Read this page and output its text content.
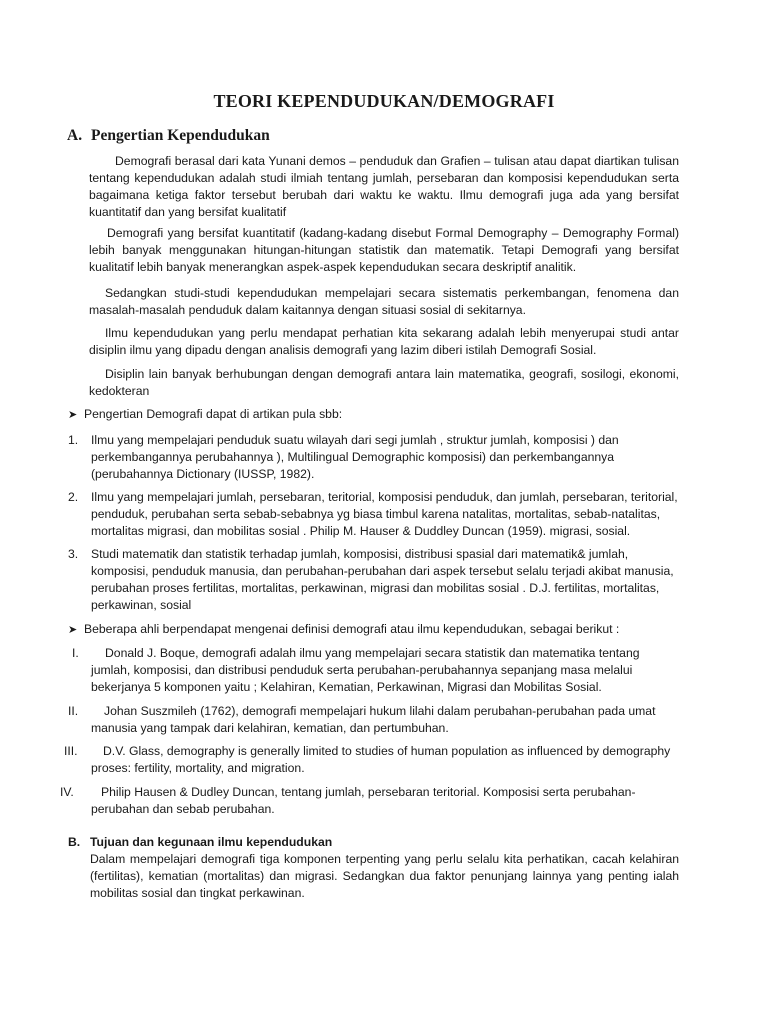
TEORI KEPENDUDUKAN/DEMOGRAFI
A. Pengertian Kependudukan
Demografi berasal dari kata Yunani demos – penduduk dan Grafien – tulisan atau dapat diartikan tulisan tentang kependudukan adalah studi ilmiah tentang jumlah, persebaran dan komposisi kependudukan serta bagaimana ketiga faktor tersebut berubah dari waktu ke waktu. Ilmu demografi juga ada yang bersifat kuantitatif dan yang bersifat kualitatif
Demografi yang bersifat kuantitatif (kadang-kadang disebut Formal Demography – Demography Formal) lebih banyak menggunakan hitungan-hitungan statistik dan matematik. Tetapi Demografi yang bersifat kualitatif lebih banyak menerangkan aspek-aspek kependudukan secara deskriptif analitik.
Sedangkan studi-studi kependudukan mempelajari secara sistematis perkembangan, fenomena dan masalah-masalah penduduk dalam kaitannya dengan situasi sosial di sekitarnya.
Ilmu kependudukan yang perlu mendapat perhatian kita sekarang adalah lebih menyerupai studi antar disiplin ilmu yang dipadu dengan analisis demografi yang lazim diberi istilah Demografi Sosial.
Disiplin lain banyak berhubungan dengan demografi antara lain matematika, geografi, sosilogi, ekonomi, kedokteran
➤ Pengertian Demografi dapat di artikan pula sbb:
1. Ilmu yang mempelajari penduduk suatu wilayah dari segi jumlah , struktur jumlah, komposisi ) dan perkembangannya perubahannya ), Multilingual Demographic komposisi) dan perkembangannya (perubahannya Dictionary (IUSSP, 1982).
2. Ilmu yang mempelajari jumlah, persebaran, teritorial, komposisi penduduk, dan jumlah, persebaran, teritorial, penduduk, perubahan serta sebab-sebabnya yg biasa timbul karena natalitas, mortalitas, sebab-natalitas, mortalitas migrasi, dan mobilitas sosial . Philip M. Hauser & Duddley Duncan (1959). migrasi, sosial.
3. Studi matematik dan statistik terhadap jumlah, komposisi, distribusi spasial dari matematik& jumlah, komposisi, penduduk manusia, dan perubahan-perubahan dari aspek tersebut selalu terjadi akibat manusia, perubahan proses fertilitas, mortalitas, perkawinan, migrasi dan mobilitas sosial . D.J. fertilitas, mortalitas, perkawinan, sosial
➤ Beberapa ahli berpendapat mengenai definisi demografi atau ilmu kependudukan, sebagai berikut :
I.	Donald J. Boque, demografi adalah ilmu yang mempelajari secara statistik dan matematika tentang jumlah, komposisi, dan distribusi penduduk serta perubahan-perubahannya sepanjang masa melalui bekerjanya 5 komponen yaitu ; Kelahiran, Kematian, Perkawinan, Migrasi dan Mobilitas Sosial.
II.	Johan Suszmileh (1762), demografi mempelajari hukum lilahi dalam perubahan-perubahan pada umat manusia yang tampak dari kelahiran, kematian, dan pertumbuhan.
III.	D.V. Glass, demography is generally limited to studies of human population as influenced by demography proses: fertility, mortality, and migration.
IV.	Philip Hausen & Dudley Duncan, tentang jumlah, persebaran teritorial. Komposisi serta perubahan-perubahan dan sebab perubahan.
B. Tujuan dan kegunaan ilmu kependudukan
Dalam mempelajari demografi tiga komponen terpenting yang perlu selalu kita perhatikan, cacah kelahiran (fertilitas), kematian (mortalitas) dan migrasi. Sedangkan dua faktor penunjang lainnya yang penting ialah mobilitas sosial dan tingkat perkawinan.
